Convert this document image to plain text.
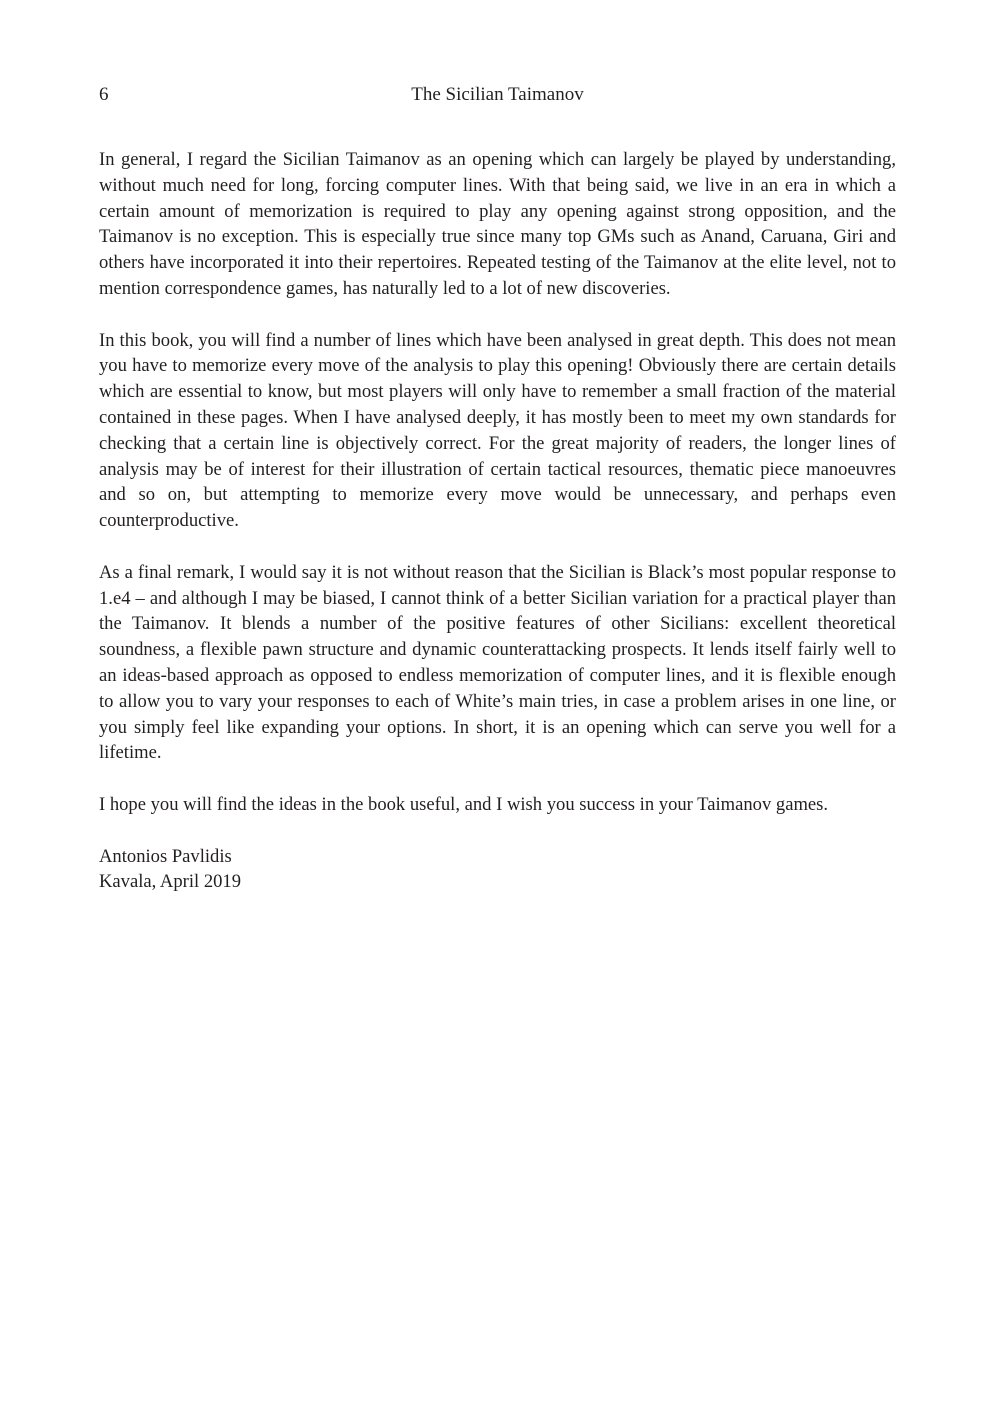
6	The Sicilian Taimanov

In general, I regard the Sicilian Taimanov as an opening which can largely be played by understanding, without much need for long, forcing computer lines. With that being said, we live in an era in which a certain amount of memorization is required to play any opening against strong opposition, and the Taimanov is no exception. This is especially true since many top GMs such as Anand, Caruana, Giri and others have incorporated it into their repertoires. Repeated testing of the Taimanov at the elite level, not to mention correspondence games, has naturally led to a lot of new discoveries.

In this book, you will find a number of lines which have been analysed in great depth. This does not mean you have to memorize every move of the analysis to play this opening! Obviously there are certain details which are essential to know, but most players will only have to remember a small fraction of the material contained in these pages. When I have analysed deeply, it has mostly been to meet my own standards for checking that a certain line is objectively correct. For the great majority of readers, the longer lines of analysis may be of interest for their illustration of certain tactical resources, thematic piece manoeuvres and so on, but attempting to memorize every move would be unnecessary, and perhaps even counterproductive.

As a final remark, I would say it is not without reason that the Sicilian is Black’s most popular response to 1.e4 – and although I may be biased, I cannot think of a better Sicilian variation for a practical player than the Taimanov. It blends a number of the positive features of other Sicilians: excellent theoretical soundness, a flexible pawn structure and dynamic counterattacking prospects. It lends itself fairly well to an ideas-based approach as opposed to endless memorization of computer lines, and it is flexible enough to allow you to vary your responses to each of White’s main tries, in case a problem arises in one line, or you simply feel like expanding your options. In short, it is an opening which can serve you well for a lifetime.

I hope you will find the ideas in the book useful, and I wish you success in your Taimanov games.

Antonios Pavlidis
Kavala, April 2019
